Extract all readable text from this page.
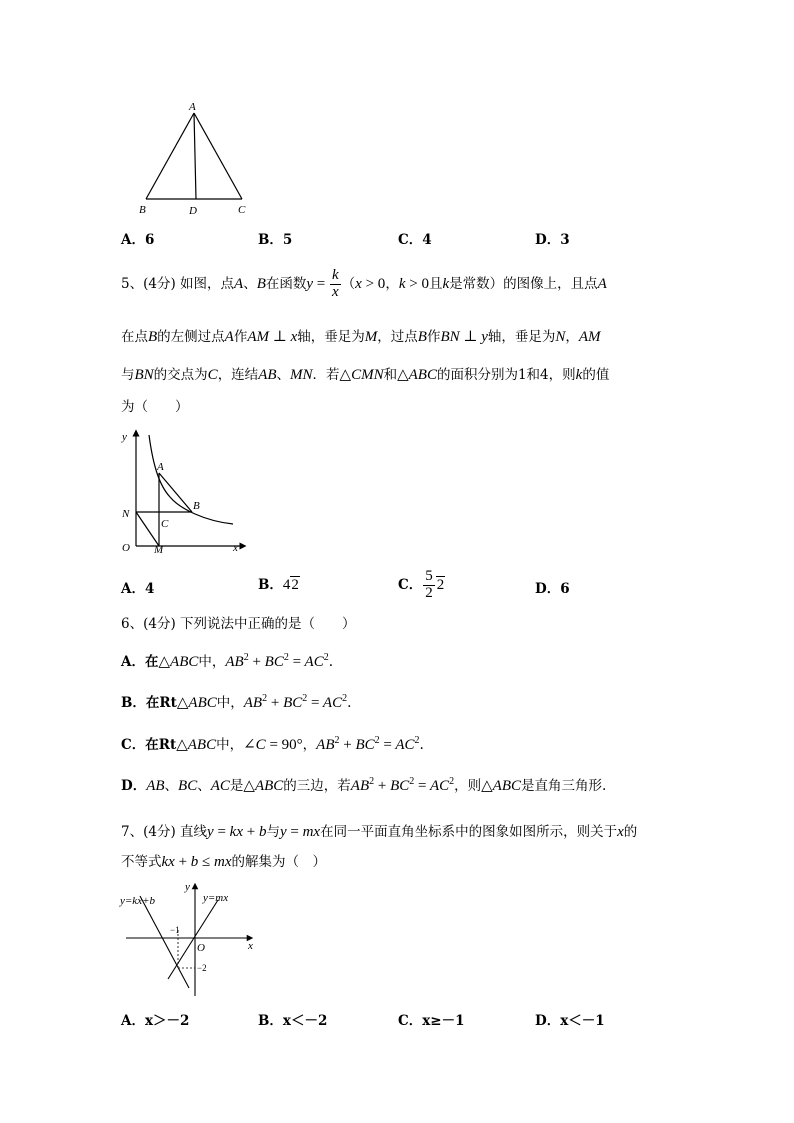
A
B	D	C
A．6	B．5	C．4	D．3
5、(4分) 如图，点A、B在函数$y = \frac{k}{x} (x > 0$，k > 0且k是常数）的图像上，且点A
在点B的左侧过点A作AM ⊥ x轴，垂足为M，过点B作BN ⊥ y轴，垂足为N，AM
与BN的交点为C，连结AB、MN．若△CMN和△ABC的面积分别为1和4，则k的值
为（　　）
y
N
O M	x
A
B
C
A．4	B．42	C． $\frac{5}{2} 2$	D．6
6、(4分) 下列说法中正确的是（　　）
A．在△ABC中，$AB^2 + BC^2 = AC^2$.
B．在Rt△ABC中，$AB^2 + BC^2 = AC^2$.
C．在Rt△ABC中，∠C = 90°，$AB^2 + BC^2 = AC^2$.
D．AB、BC、AC是△ABC的三边，若$AB^2 + BC^2 = AC^2$，则△ABC是直角三角形.
7、(4分) 直线y = kx + b与y = mx在同一平面直角坐标系中的图象如图所示，则关于x的
不等式kx + b ≤ mx的解集为（　）
y=kx+b	y=mx
y
x
O
−1
−2
A．x＞－2	B．x＜－2	C．x≥－1	D．x＜－1
